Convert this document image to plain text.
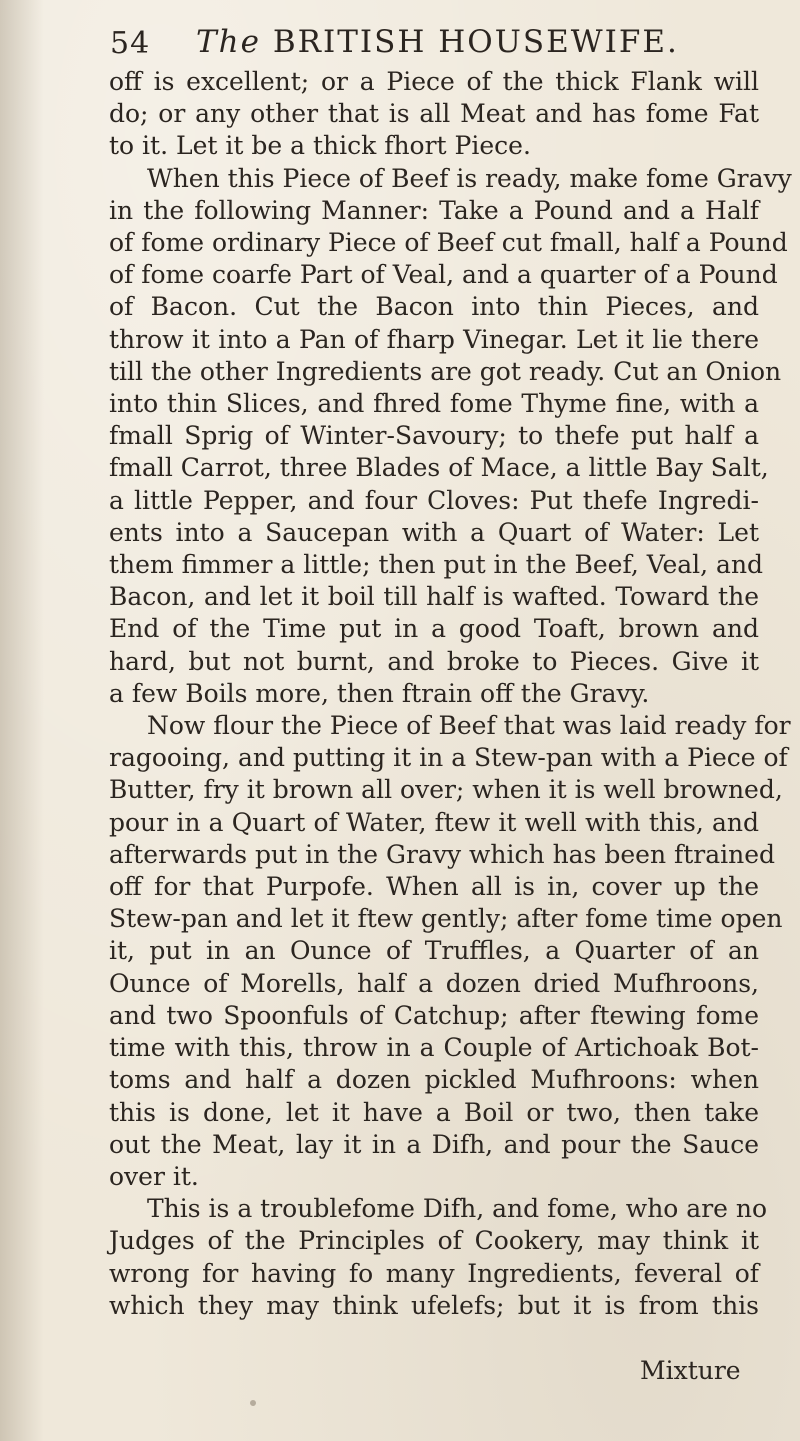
54 The BRITISH HOUSEWIFE.
off is excellent; or a Piece of the thick Flank will
do; or any other that is all Meat and has fome Fat
to it. Let it be a thick fhort Piece.
When this Piece of Beef is ready, make fome Gravy
in the following Manner: Take a Pound and a Half
of fome ordinary Piece of Beef cut fmall, half a Pound
of fome coarfe Part of Veal, and a quarter of a Pound
of Bacon. Cut the Bacon into thin Pieces, and
throw it into a Pan of fharp Vinegar. Let it lie there
till the other Ingredients are got ready. Cut an Onion
into thin Slices, and fhred fome Thyme fine, with a
fmall Sprig of Winter-Savoury; to thefe put half a
fmall Carrot, three Blades of Mace, a little Bay Salt,
a little Pepper, and four Cloves: Put thefe Ingredi-
ents into a Saucepan with a Quart of Water: Let
them fimmer a little; then put in the Beef, Veal, and
Bacon, and let it boil till half is wafted. Toward the
End of the Time put in a good Toaft, brown and
hard, but not burnt, and broke to Pieces. Give it
a few Boils more, then ftrain off the Gravy.
Now flour the Piece of Beef that was laid ready for
ragooing, and putting it in a Stew-pan with a Piece of
Butter, fry it brown all over; when it is well browned,
pour in a Quart of Water, ftew it well with this, and
afterwards put in the Gravy which has been ftrained
off for that Purpofe. When all is in, cover up the
Stew-pan and let it ftew gently; after fome time open
it, put in an Ounce of Truffles, a Quarter of an
Ounce of Morells, half a dozen dried Mufhroons,
and two Spoonfuls of Catchup; after ftewing fome
time with this, throw in a Couple of Artichoak Bot-
toms and half a dozen pickled Mufhroons: when
this is done, let it have a Boil or two, then take
out the Meat, lay it in a Difh, and pour the Sauce
over it.
This is a troublefome Difh, and fome, who are no
Judges of the Principles of Cookery, may think it
wrong for having fo many Ingredients, feveral of
which they may think ufelefs; but it is from this
Mixture
